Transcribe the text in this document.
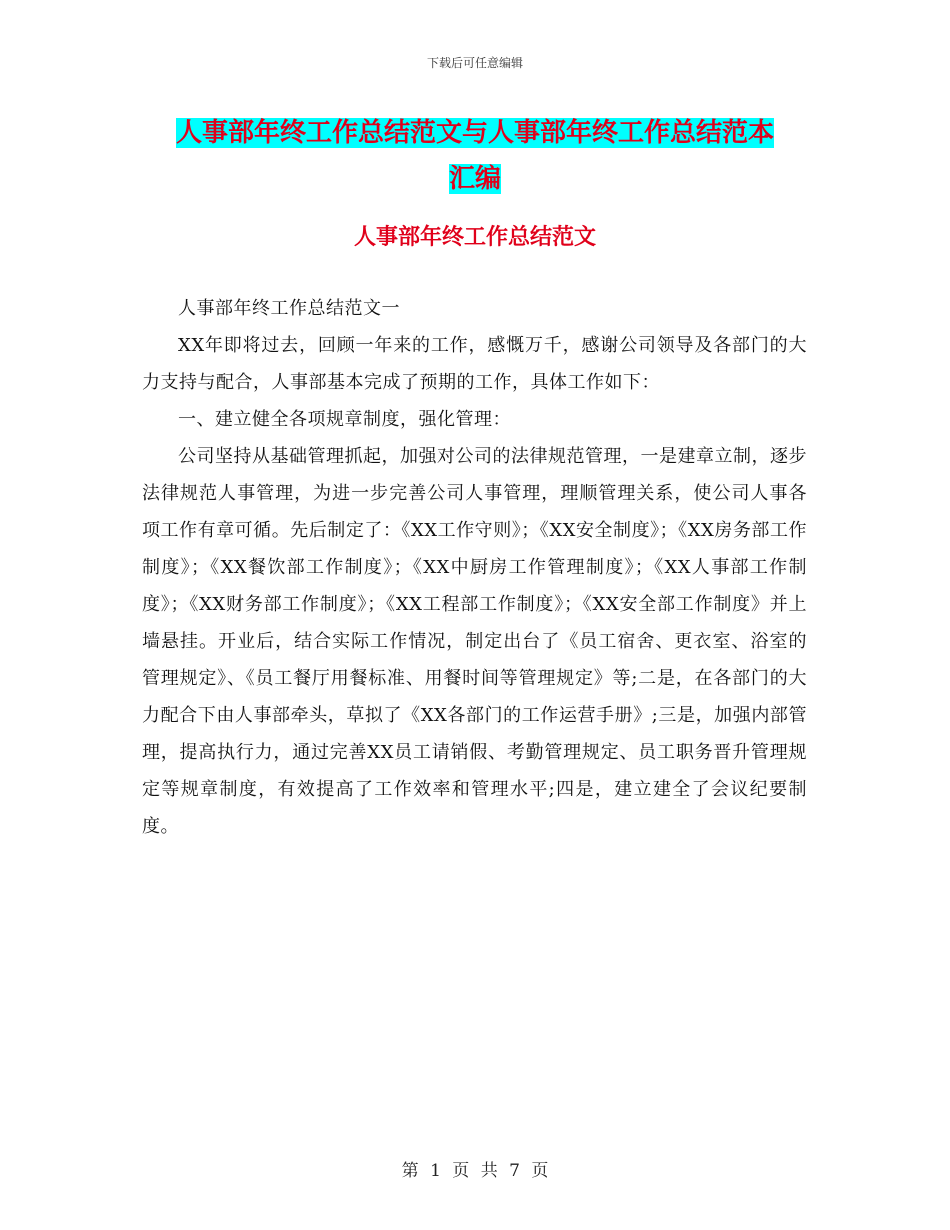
下载后可任意编辑
人事部年终工作总结范文与人事部年终工作总结范本
汇编
人事部年终工作总结范文

人事部年终工作总结范文一

XX年即将过去，回顾一年来的工作，感慨万千，感谢公司领导及各部门的大力支持与配合，人事部基本完成了预期的工作，具体工作如下：

一、建立健全各项规章制度，强化管理：

公司坚持从基础管理抓起，加强对公司的法律规范管理，一是建章立制，逐步法律规范人事管理，为进一步完善公司人事管理，理顺管理关系，使公司人事各项工作有章可循。先后制定了：《XX工作守则》；《XX安全制度》；《XX房务部工作制度》；《XX餐饮部工作制度》；《XX中厨房工作管理制度》；《XX人事部工作制度》；《XX财务部工作制度》；《XX工程部工作制度》；《XX安全部工作制度》并上墙悬挂。开业后，结合实际工作情况，制定出台了《员工宿舍、更衣室、浴室的管理规定》、《员工餐厅用餐标准、用餐时间等管理规定》等;二是，在各部门的大力配合下由人事部牵头，草拟了《XX各部门的工作运营手册》;三是，加强内部管理，提高执行力，通过完善XX员工请销假、考勤管理规定、员工职务晋升管理规定等规章制度，有效提高了工作效率和管理水平;四是，建立建全了会议纪要制度。

第 1 页 共 7 页
